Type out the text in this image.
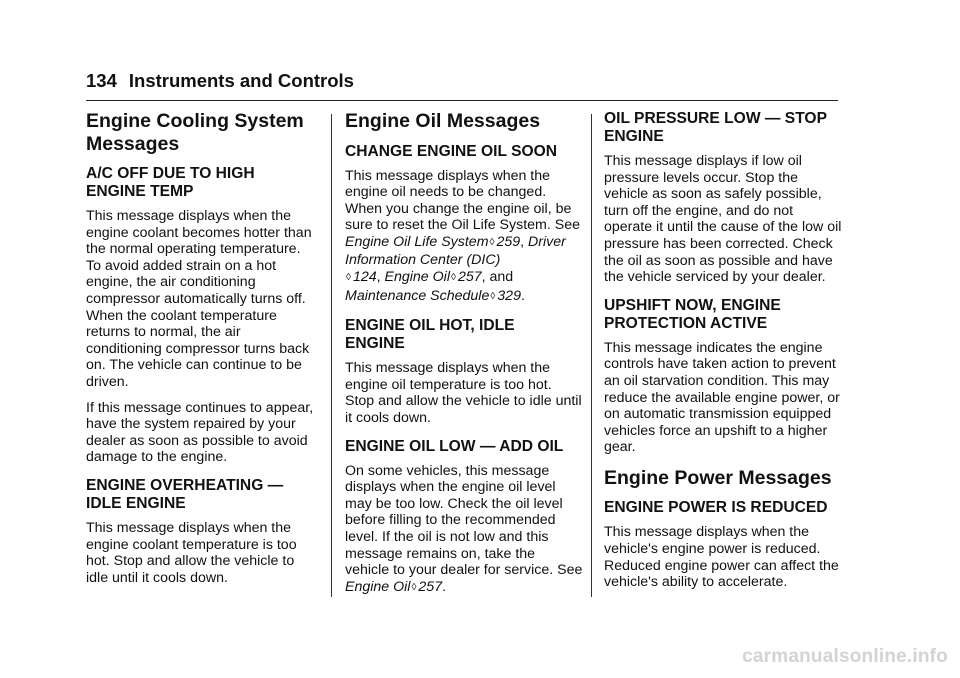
134 Instruments and Controls
Engine Cooling System
Messages
A/C OFF DUE TO HIGH
ENGINE TEMP

This message displays when the engine coolant becomes hotter than the normal operating temperature. To avoid added strain on a hot engine, the air conditioning compressor automatically turns off. When the coolant temperature returns to normal, the air conditioning compressor turns back on. The vehicle can continue to be driven.

If this message continues to appear, have the system repaired by your dealer as soon as possible to avoid damage to the engine.

ENGINE OVERHEATING —
IDLE ENGINE

This message displays when the engine coolant temperature is too hot. Stop and allow the vehicle to idle until it cools down.

Engine Oil Messages
CHANGE ENGINE OIL SOON

This message displays when the engine oil needs to be changed. When you change the engine oil, be sure to reset the Oil Life System. See Engine Oil Life System◊ 259, Driver Information Center (DIC)
◊ 124, Engine Oil◊ 257, and
Maintenance Schedule◊ 329.

ENGINE OIL HOT, IDLE
ENGINE

This message displays when the engine oil temperature is too hot. Stop and allow the vehicle to idle until it cools down.

ENGINE OIL LOW — ADD OIL

On some vehicles, this message displays when the engine oil level may be too low. Check the oil level before filling to the recommended level. If the oil is not low and this message remains on, take the vehicle to your dealer for service. See Engine Oil◊ 257.

OIL PRESSURE LOW — STOP
ENGINE

This message displays if low oil pressure levels occur. Stop the vehicle as soon as safely possible, turn off the engine, and do not operate it until the cause of the low oil pressure has been corrected. Check the oil as soon as possible and have the vehicle serviced by your dealer.

UPSHIFT NOW, ENGINE
PROTECTION ACTIVE

This message indicates the engine controls have taken action to prevent an oil starvation condition. This may reduce the available engine power, or on automatic transmission equipped vehicles force an upshift to a higher gear.

Engine Power Messages
ENGINE POWER IS REDUCED

This message displays when the vehicle's engine power is reduced. Reduced engine power can affect the vehicle's ability to accelerate.

carmanualsonline.info
